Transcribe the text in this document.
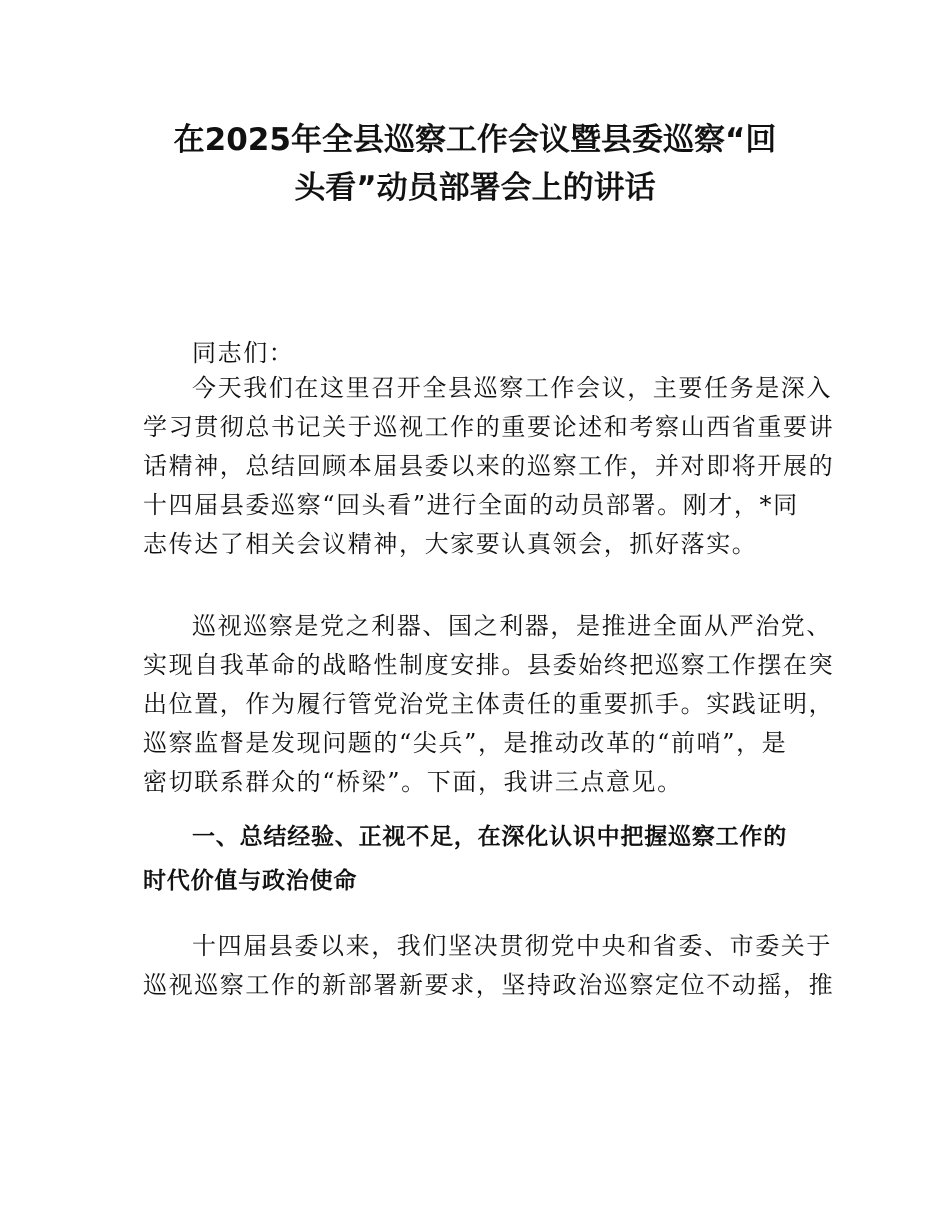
在2025年全县巡察工作会议暨县委巡察“回
头看”动员部署会上的讲话
同志们：
今天我们在这里召开全县巡察工作会议，主要任务是深入
学习贯彻总书记关于巡视工作的重要论述和考察山西省重要讲
话精神，总结回顾本届县委以来的巡察工作，并对即将开展的
十四届县委巡察“回头看”进行全面的动员部署。刚才，*同
志传达了相关会议精神，大家要认真领会，抓好落实。
巡视巡察是党之利器、国之利器，是推进全面从严治党、
实现自我革命的战略性制度安排。县委始终把巡察工作摆在突
出位置，作为履行管党治党主体责任的重要抓手。实践证明，
巡察监督是发现问题的“尖兵”，是推动改革的“前哨”，是
密切联系群众的“桥梁”。下面，我讲三点意见。
一、总结经验、正视不足，在深化认识中把握巡察工作的
时代价值与政治使命
十四届县委以来，我们坚决贯彻党中央和省委、市委关于
巡视巡察工作的新部署新要求，坚持政治巡察定位不动摇，推
